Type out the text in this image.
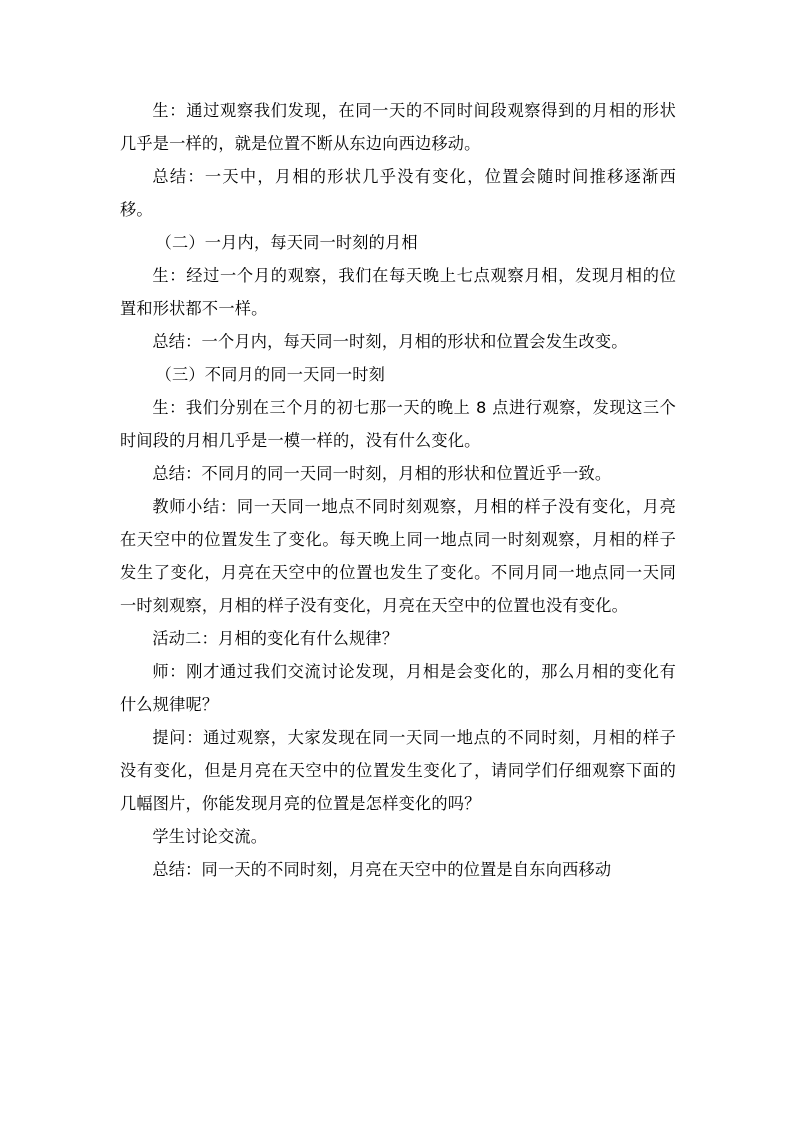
生：通过观察我们发现，在同一天的不同时间段观察得到的月相的形状几乎是一样的，就是位置不断从东边向西边移动。

总结：一天中，月相的形状几乎没有变化，位置会随时间推移逐渐西移。

（二）一月内，每天同一时刻的月相

生：经过一个月的观察，我们在每天晚上七点观察月相，发现月相的位置和形状都不一样。

总结：一个月内，每天同一时刻，月相的形状和位置会发生改变。

（三）不同月的同一天同一时刻

生：我们分别在三个月的初七那一天的晚上 8 点进行观察，发现这三个时间段的月相几乎是一模一样的，没有什么变化。

总结：不同月的同一天同一时刻，月相的形状和位置近乎一致。

教师小结：同一天同一地点不同时刻观察，月相的样子没有变化，月亮在天空中的位置发生了变化。每天晚上同一地点同一时刻观察，月相的样子发生了变化，月亮在天空中的位置也发生了变化。不同月同一地点同一天同一时刻观察，月相的样子没有变化，月亮在天空中的位置也没有变化。

活动二：月相的变化有什么规律？

师：刚才通过我们交流讨论发现，月相是会变化的，那么月相的变化有什么规律呢？

提问：通过观察，大家发现在同一天同一地点的不同时刻，月相的样子没有变化，但是月亮在天空中的位置发生变化了，请同学们仔细观察下面的几幅图片，你能发现月亮的位置是怎样变化的吗？

学生讨论交流。

总结：同一天的不同时刻，月亮在天空中的位置是自东向西移动
